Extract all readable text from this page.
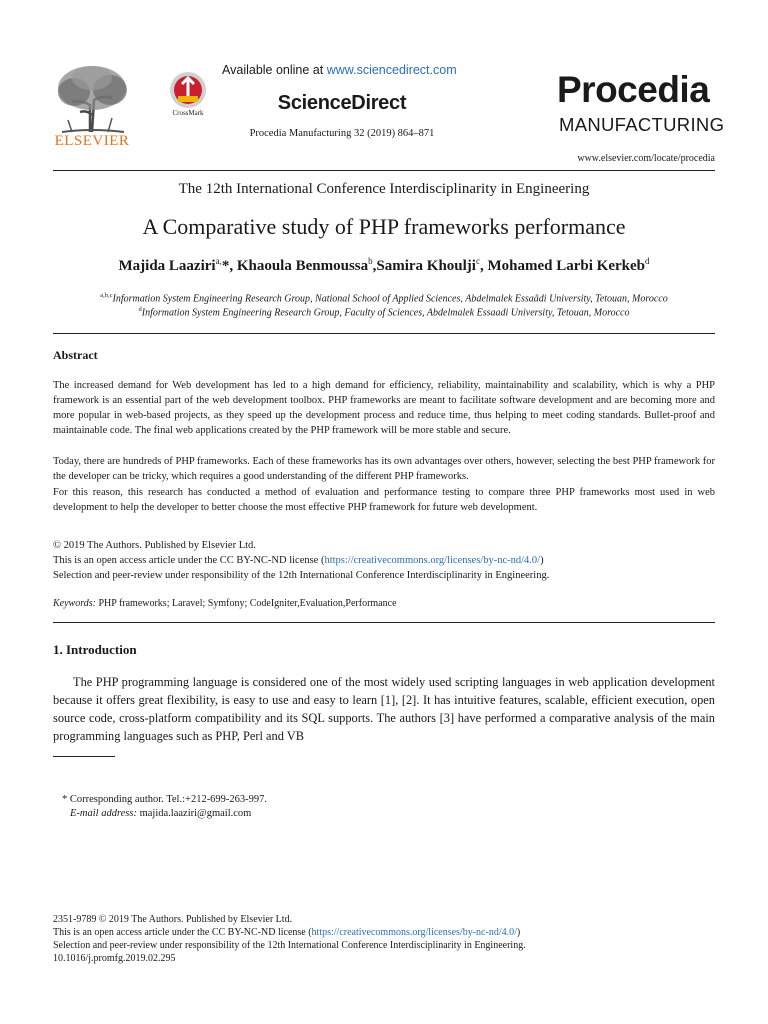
ELSEVIER
CrossMark
Available online at www.sciencedirect.com
ScienceDirect
Procedia Manufacturing 32 (2019) 864–871
Procedia
MANUFACTURING
www.elsevier.com/locate/procedia
The 12th International Conference Interdisciplinarity in Engineering
A Comparative study of PHP frameworks performance
Majida Laaziri$^{a,}$*, Khaoula Benmoussa$^b$,Samira Khoulji$^c$, Mohamed Larbi Kerkeb$^d$
$^{a,b,c}$Information System Engineering Research Group, National School of Applied Sciences, Abdelmalek Essaâdi University, Tetouan, Morocco
$^d$Information System Engineering Research Group, Faculty of Sciences, Abdelmalek Essaadi University, Tetouan, Morocco
Abstract
The increased demand for Web development has led to a high demand for efficiency, reliability, maintainability and scalability, which is why a PHP framework is an essential part of the web development toolbox. PHP frameworks are meant to facilitate software development and are becoming more and more popular in web-based projects, as they speed up the development process and reduce time, thus helping to meet coding standards. Bullet-proof and maintainable code. The final web applications created by the PHP framework will be more stable and secure.
Today, there are hundreds of PHP frameworks. Each of these frameworks has its own advantages over others, however, selecting the best PHP framework for the developer can be tricky, which requires a good understanding of the different PHP frameworks.
For this reason, this research has conducted a method of evaluation and performance testing to compare three PHP frameworks most used in web development to help the developer to better choose the most effective PHP framework for future web development.
© 2019 The Authors. Published by Elsevier Ltd.
This is an open access article under the CC BY-NC-ND license (https://creativecommons.org/licenses/by-nc-nd/4.0/)
Selection and peer-review under responsibility of the 12th International Conference Interdisciplinarity in Engineering.
Keywords: PHP frameworks; Laravel; Symfony; CodeIgniter,Evaluation,Performance
1. Introduction
The PHP programming language is considered one of the most widely used scripting languages in web application development because it offers great flexibility, is easy to use and easy to learn [1], [2]. It has intuitive features, scalable, efficient execution, open source code, cross-platform compatibility and its SQL supports. The authors [3] have performed a comparative analysis of the main programming languages such as PHP, Perl and VB
* Corresponding author. Tel.:+212-699-263-997.
E-mail address: majida.laaziri@gmail.com
2351-9789 © 2019 The Authors. Published by Elsevier Ltd.
This is an open access article under the CC BY-NC-ND license (https://creativecommons.org/licenses/by-nc-nd/4.0/)
Selection and peer-review under responsibility of the 12th International Conference Interdisciplinarity in Engineering.
10.1016/j.promfg.2019.02.295
